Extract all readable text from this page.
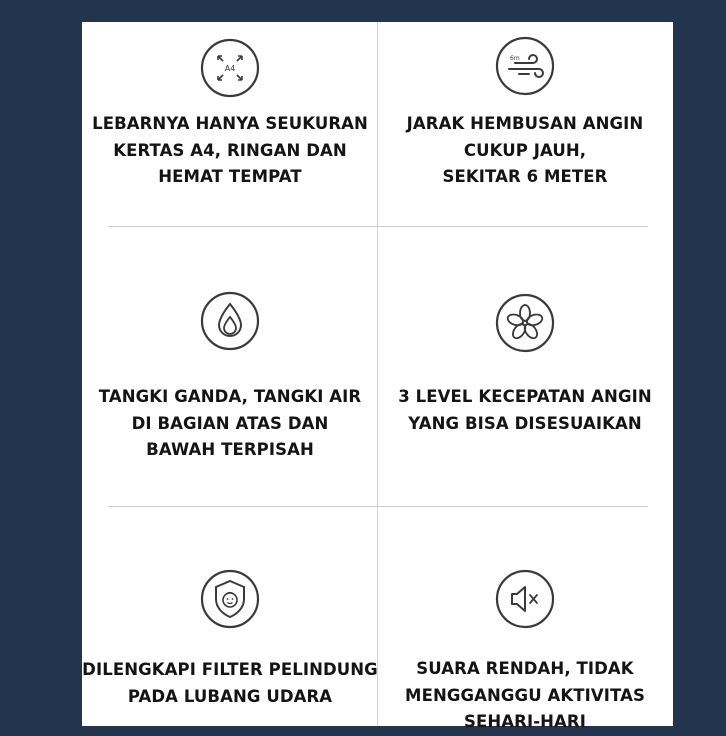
A4
LEBARNYA HANYA SEUKURAN
KERTAS A4, RINGAN DAN
HEMAT TEMPAT
6m
JARAK HEMBUSAN ANGIN
CUKUP JAUH,
SEKITAR 6 METER
TANGKI GANDA, TANGKI AIR
DI BAGIAN ATAS DAN
BAWAH TERPISAH
3 LEVEL KECEPATAN ANGIN
YANG BISA DISESUAIKAN
DILENGKAPI FILTER PELINDUNG
PADA LUBANG UDARA
SUARA RENDAH, TIDAK
MENGGANGGU AKTIVITAS
SEHARI-HARI
